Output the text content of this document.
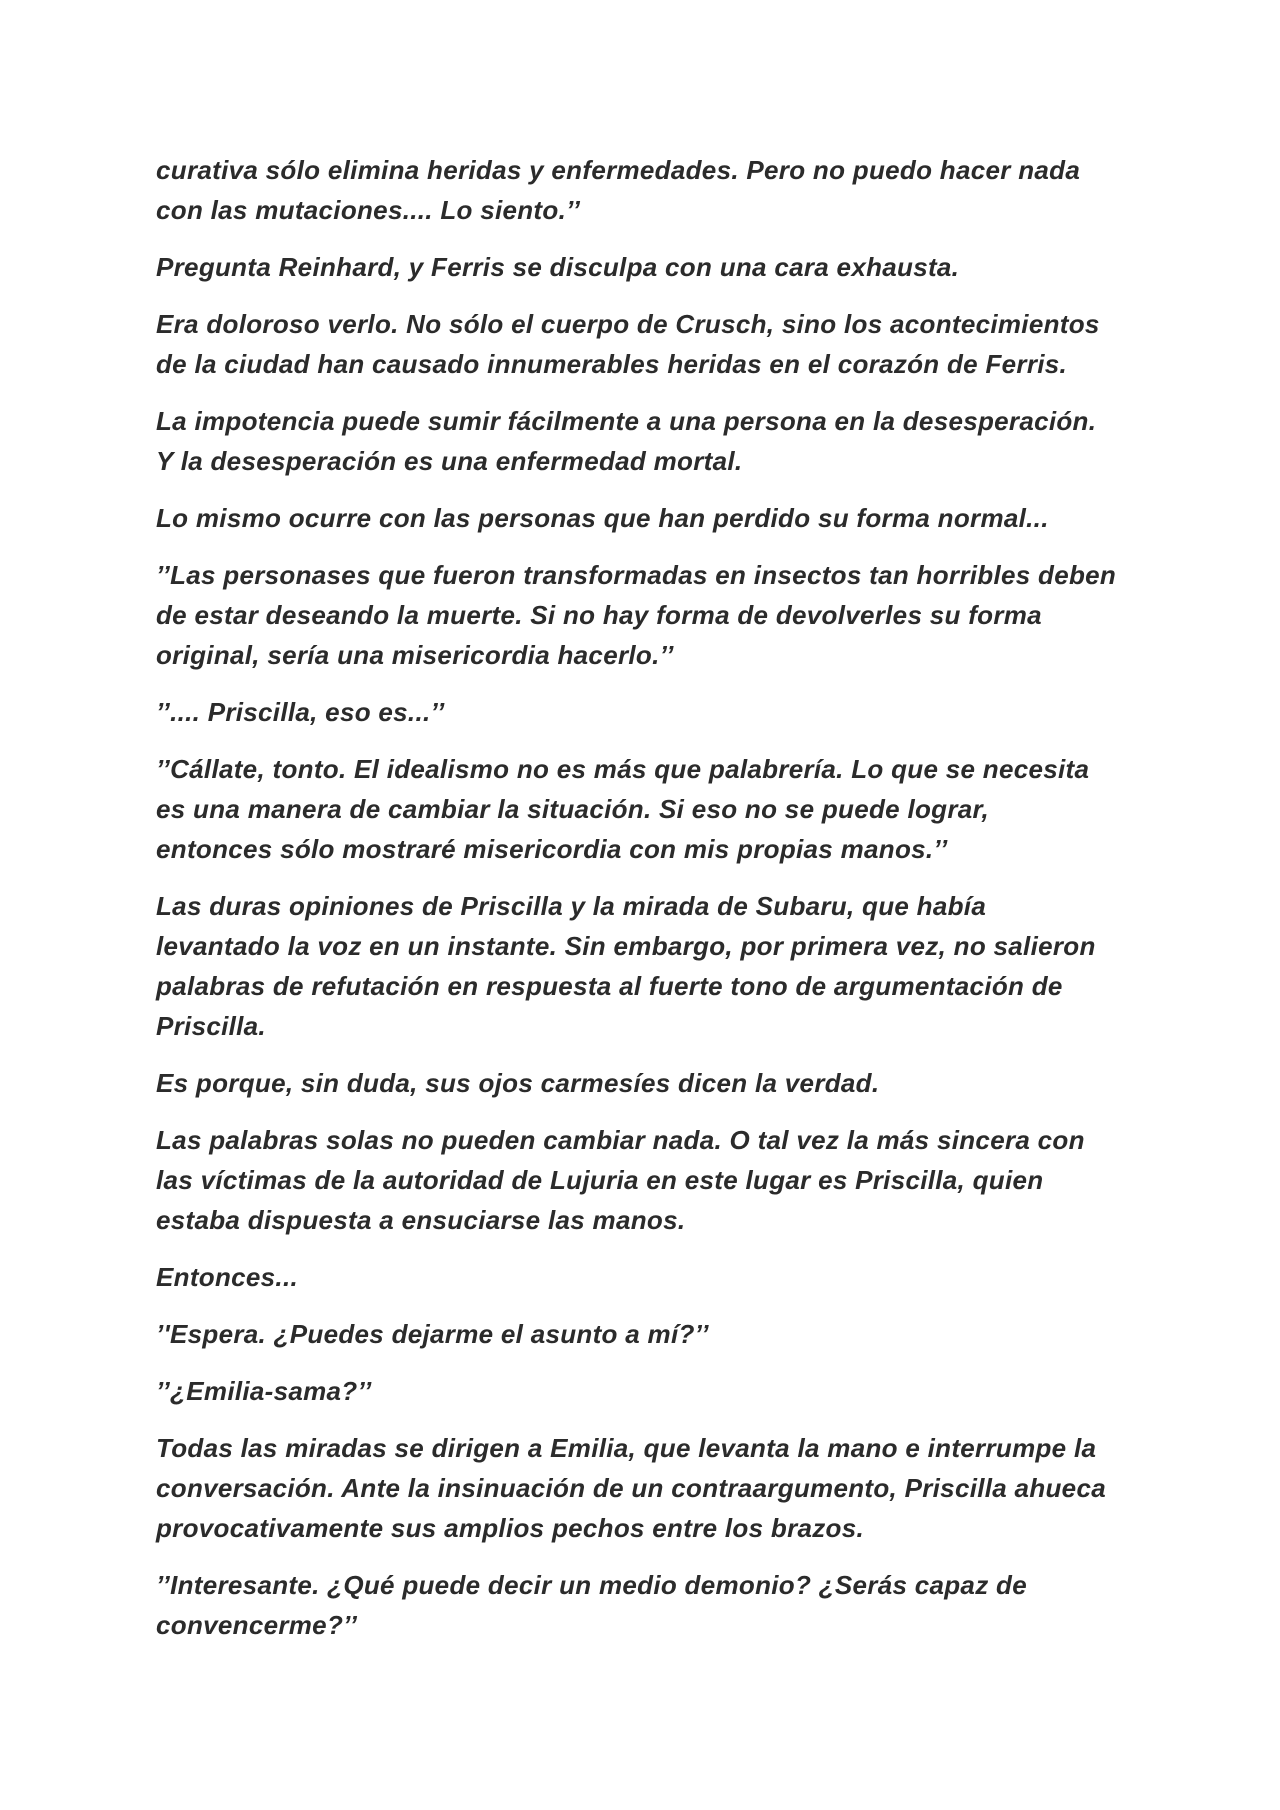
curativa sólo elimina heridas y enfermedades. Pero no puedo hacer nada
con las mutaciones.... Lo siento.’’

Pregunta Reinhard, y Ferris se disculpa con una cara exhausta.

Era doloroso verlo. No sólo el cuerpo de Crusch, sino los acontecimientos
de la ciudad han causado innumerables heridas en el corazón de Ferris.

La impotencia puede sumir fácilmente a una persona en la desesperación.
Y la desesperación es una enfermedad mortal.

Lo mismo ocurre con las personas que han perdido su forma normal...

’’Las personases que fueron transformadas en insectos tan horribles deben
de estar deseando la muerte. Si no hay forma de devolverles su forma
original, sería una misericordia hacerlo.’’

’’.... Priscilla, eso es...’’

’’Cállate, tonto. El idealismo no es más que palabrería. Lo que se necesita
es una manera de cambiar la situación. Si eso no se puede lograr,
entonces sólo mostraré misericordia con mis propias manos.’’

Las duras opiniones de Priscilla y la mirada de Subaru, que había
levantado la voz en un instante. Sin embargo, por primera vez, no salieron
palabras de refutación en respuesta al fuerte tono de argumentación de
Priscilla.

Es porque, sin duda, sus ojos carmesíes dicen la verdad.

Las palabras solas no pueden cambiar nada. O tal vez la más sincera con
las víctimas de la autoridad de Lujuria en este lugar es Priscilla, quien
estaba dispuesta a ensuciarse las manos.

Entonces...

’'Espera. ¿Puedes dejarme el asunto a mí?’’

’’¿Emilia-sama?’’

Todas las miradas se dirigen a Emilia, que levanta la mano e interrumpe la
conversación. Ante la insinuación de un contraargumento, Priscilla ahueca
provocativamente sus amplios pechos entre los brazos.

’’Interesante. ¿Qué puede decir un medio demonio? ¿Serás capaz de
convencerme?’’
